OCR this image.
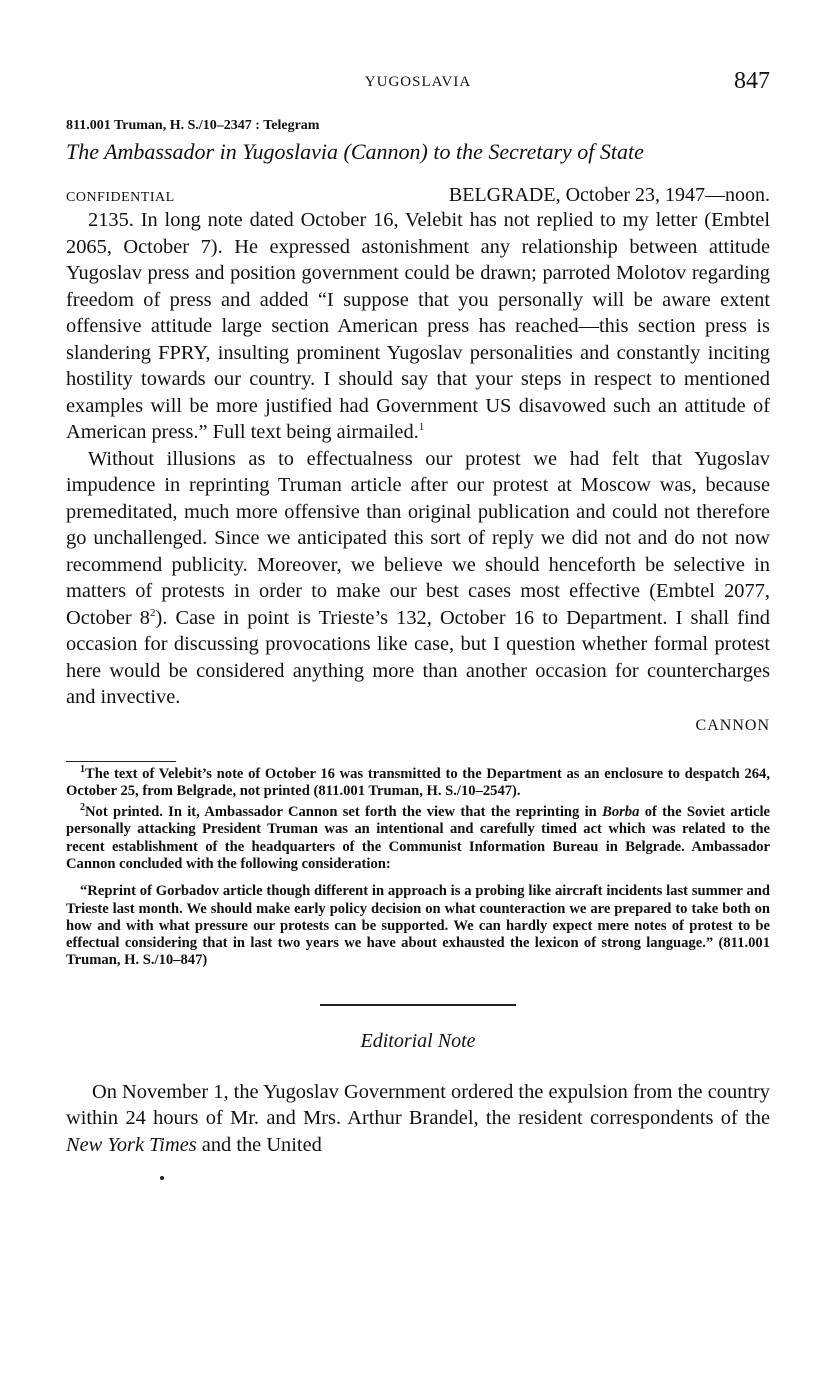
YUGOSLAVIA	847
811.001 Truman, H. S./10–2347 : Telegram
The Ambassador in Yugoslavia (Cannon) to the Secretary of State
CONFIDENTIAL	BELGRADE, October 23, 1947—noon.

2135. In long note dated October 16, Velebit has not replied to my letter (Embtel 2065, October 7). He expressed astonishment any relationship between attitude Yugoslav press and position government could be drawn; parroted Molotov regarding freedom of press and added “I suppose that you personally will be aware extent offensive attitude large section American press has reached—this section press is slandering FPRY, insulting prominent Yugoslav personalities and constantly inciting hostility towards our country. I should say that your steps in respect to mentioned examples will be more justified had Government US disavowed such an attitude of American press.” Full text being airmailed.$^1$

Without illusions as to effectualness our protest we had felt that Yugoslav impudence in reprinting Truman article after our protest at Moscow was, because premeditated, much more offensive than original publication and could not therefore go unchallenged. Since we anticipated this sort of reply we did not and do not now recommend publicity. Moreover, we believe we should henceforth be selective in matters of protests in order to make our best cases most effective (Embtel 2077, October $8^2$). Case in point is Trieste’s 132, October 16 to Department. I shall find occasion for discussing provocations like case, but I question whether formal protest here would be considered anything more than another occasion for countercharges and invective.

CANNON

$^1$The text of Velebit’s note of October 16 was transmitted to the Department as an enclosure to despatch 264, October 25, from Belgrade, not printed (811.001 Truman, H. S./10–2547).

$^2$Not printed. In it, Ambassador Cannon set forth the view that the reprinting in Borba of the Soviet article personally attacking President Truman was an intentional and carefully timed act which was related to the recent establishment of the headquarters of the Communist Information Bureau in Belgrade. Ambassador Cannon concluded with the following consideration:

“Reprint of Gorbadov article though different in approach is a probing like aircraft incidents last summer and Trieste last month. We should make early policy decision on what counteraction we are prepared to take both on how and with what pressure our protests can be supported. We can hardly expect mere notes of protest to be effectual considering that in last two years we have about exhausted the lexicon of strong language.” (811.001 Truman, H. S./10–847)

Editorial Note

On November 1, the Yugoslav Government ordered the expulsion from the country within 24 hours of Mr. and Mrs. Arthur Brandel, the resident correspondents of the New York Times and the United
